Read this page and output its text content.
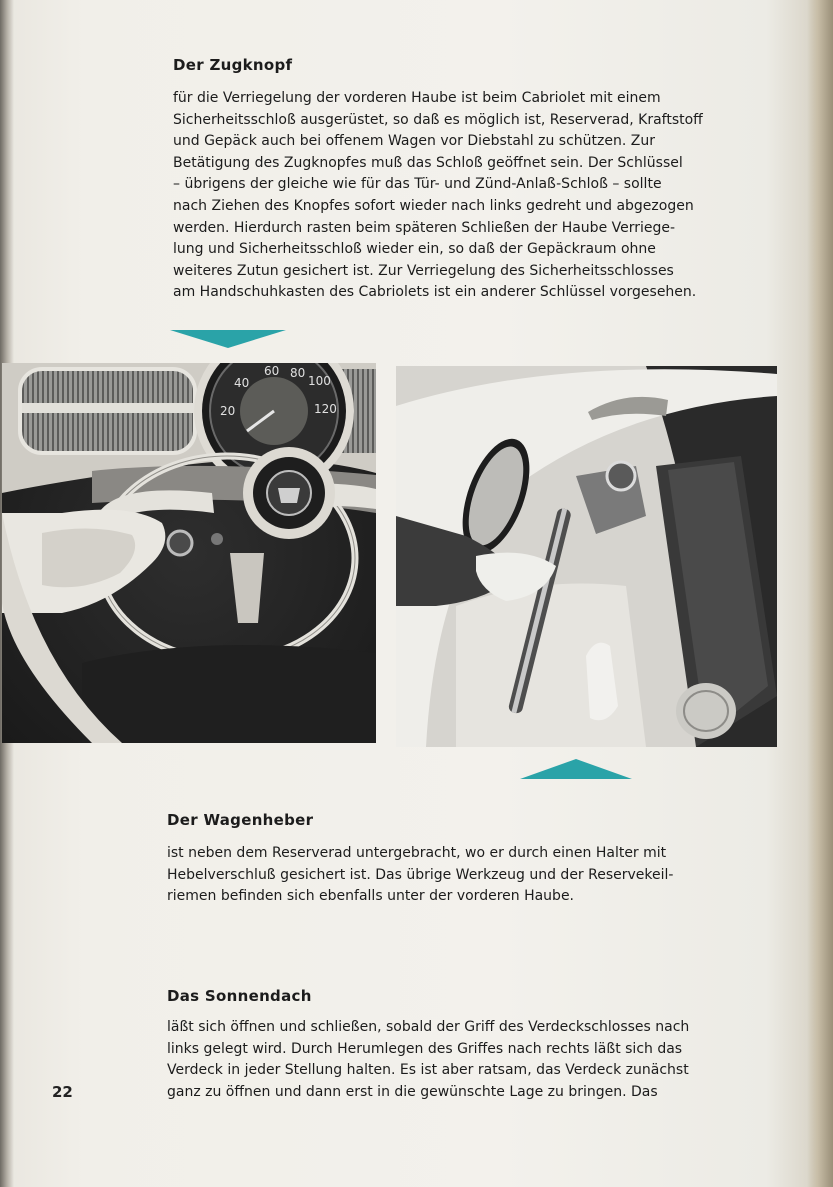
Der Zugknopf
für die Verriegelung der vorderen Haube ist beim Cabriolet mit einem
Sicherheitsschloß ausgerüstet, so daß es möglich ist, Reserverad, Kraftstoff
und Gepäck auch bei offenem Wagen vor Diebstahl zu schützen. Zur
Betätigung des Zugknopfes muß das Schloß geöffnet sein. Der Schlüssel
– übrigens der gleiche wie für das Tür- und Zünd-Anlaß-Schloß – sollte
nach Ziehen des Knopfes sofort wieder nach links gedreht und abgezogen
werden. Hierdurch rasten beim späteren Schließen der Haube Verriege-
lung und Sicherheitsschloß wieder ein, so daß der Gepäckraum ohne
weiteres Zutun gesichert ist. Zur Verriegelung des Sicherheitsschlosses
am Handschuhkasten des Cabriolets ist ein anderer Schlüssel vorgesehen.
40
60 80
100
20	120
Der Wagenheber
ist neben dem Reserverad untergebracht, wo er durch einen Halter mit
Hebelverschluß gesichert ist. Das übrige Werkzeug und der Reservekeil-
riemen befinden sich ebenfalls unter der vorderen Haube.
Das Sonnendach
läßt sich öffnen und schließen, sobald der Griff des Verdeckschlosses nach
links gelegt wird. Durch Herumlegen des Griffes nach rechts läßt sich das
Verdeck in jeder Stellung halten. Es ist aber ratsam, das Verdeck zunächst
ganz zu öffnen und dann erst in die gewünschte Lage zu bringen. Das
22
